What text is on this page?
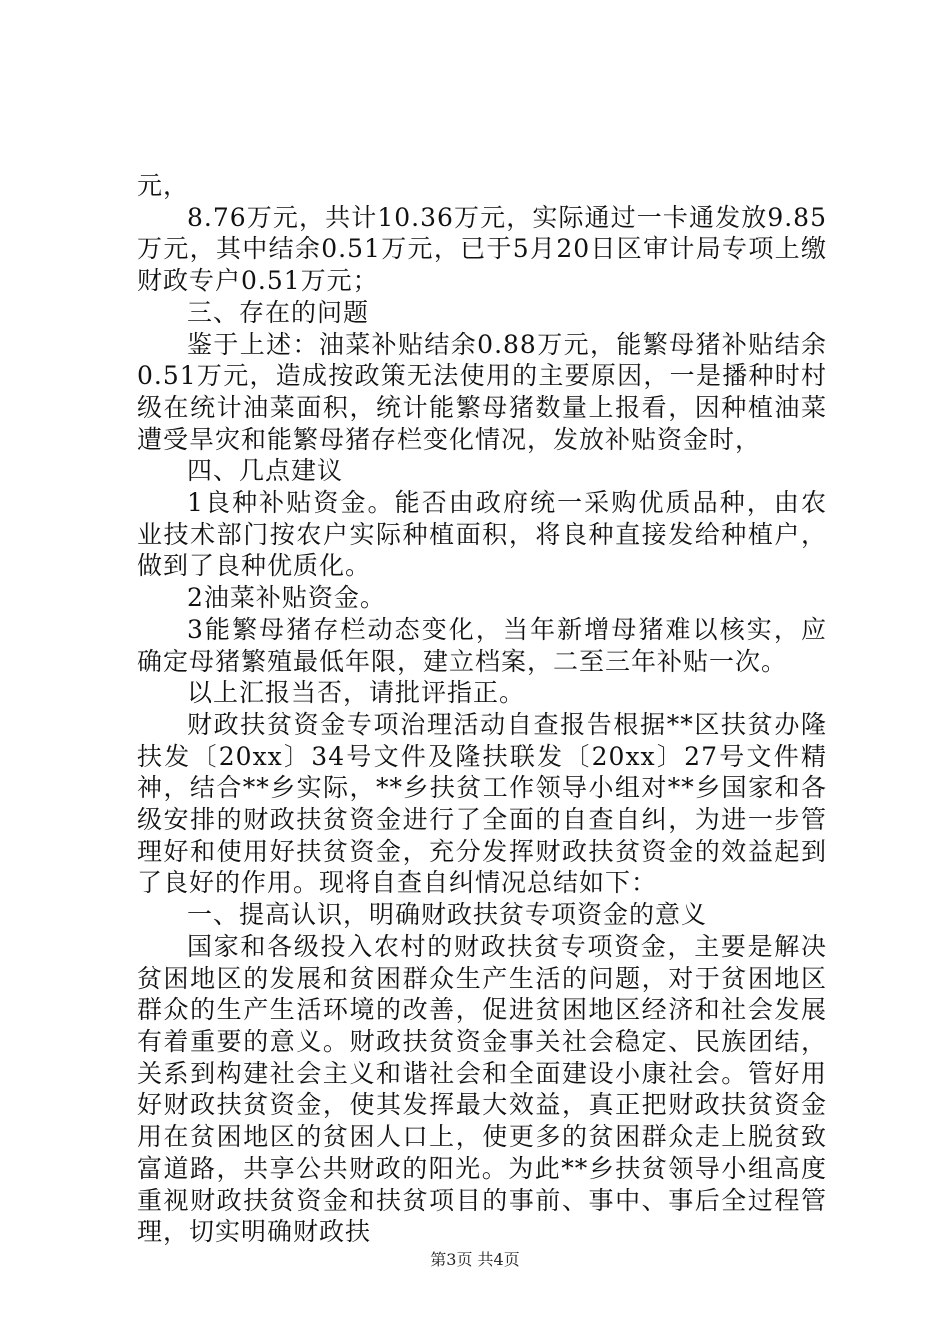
元，

8.76万元，共计10.36万元，实际通过一卡通发放9.85万元，其中结余0.51万元，已于5月20日区审计局专项上缴财政专户0.51万元；

三、存在的问题

鉴于上述：油菜补贴结余0.88万元，能繁母猪补贴结余0.51万元，造成按政策无法使用的主要原因，一是播种时村级在统计油菜面积，统计能繁母猪数量上报看，因种植油菜遭受旱灾和能繁母猪存栏变化情况，发放补贴资金时，

四、几点建议

1良种补贴资金。能否由政府统一采购优质品种，由农业技术部门按农户实际种植面积，将良种直接发给种植户，做到了良种优质化。

2油菜补贴资金。

3能繁母猪存栏动态变化，当年新增母猪难以核实，应确定母猪繁殖最低年限，建立档案，二至三年补贴一次。

以上汇报当否，请批评指正。

财政扶贫资金专项治理活动自查报告根据**区扶贫办隆扶发〔20xx〕34号文件及隆扶联发〔20xx〕27号文件精神，结合**乡实际，**乡扶贫工作领导小组对**乡国家和各级安排的财政扶贫资金进行了全面的自查自纠，为进一步管理好和使用好扶贫资金，充分发挥财政扶贫资金的效益起到了良好的作用。现将自查自纠情况总结如下：

一、提高认识，明确财政扶贫专项资金的意义

国家和各级投入农村的财政扶贫专项资金，主要是解决贫困地区的发展和贫困群众生产生活的问题，对于贫困地区群众的生产生活环境的改善，促进贫困地区经济和社会发展有着重要的意义。财政扶贫资金事关社会稳定、民族团结，关系到构建社会主义和谐社会和全面建设小康社会。管好用好财政扶贫资金，使其发挥最大效益，真正把财政扶贫资金用在贫困地区的贫困人口上，使更多的贫困群众走上脱贫致富道路，共享公共财政的阳光。为此**乡扶贫领导小组高度重视财政扶贫资金和扶贫项目的事前、事中、事后全过程管理，切实明确财政扶

第3页 共4页
